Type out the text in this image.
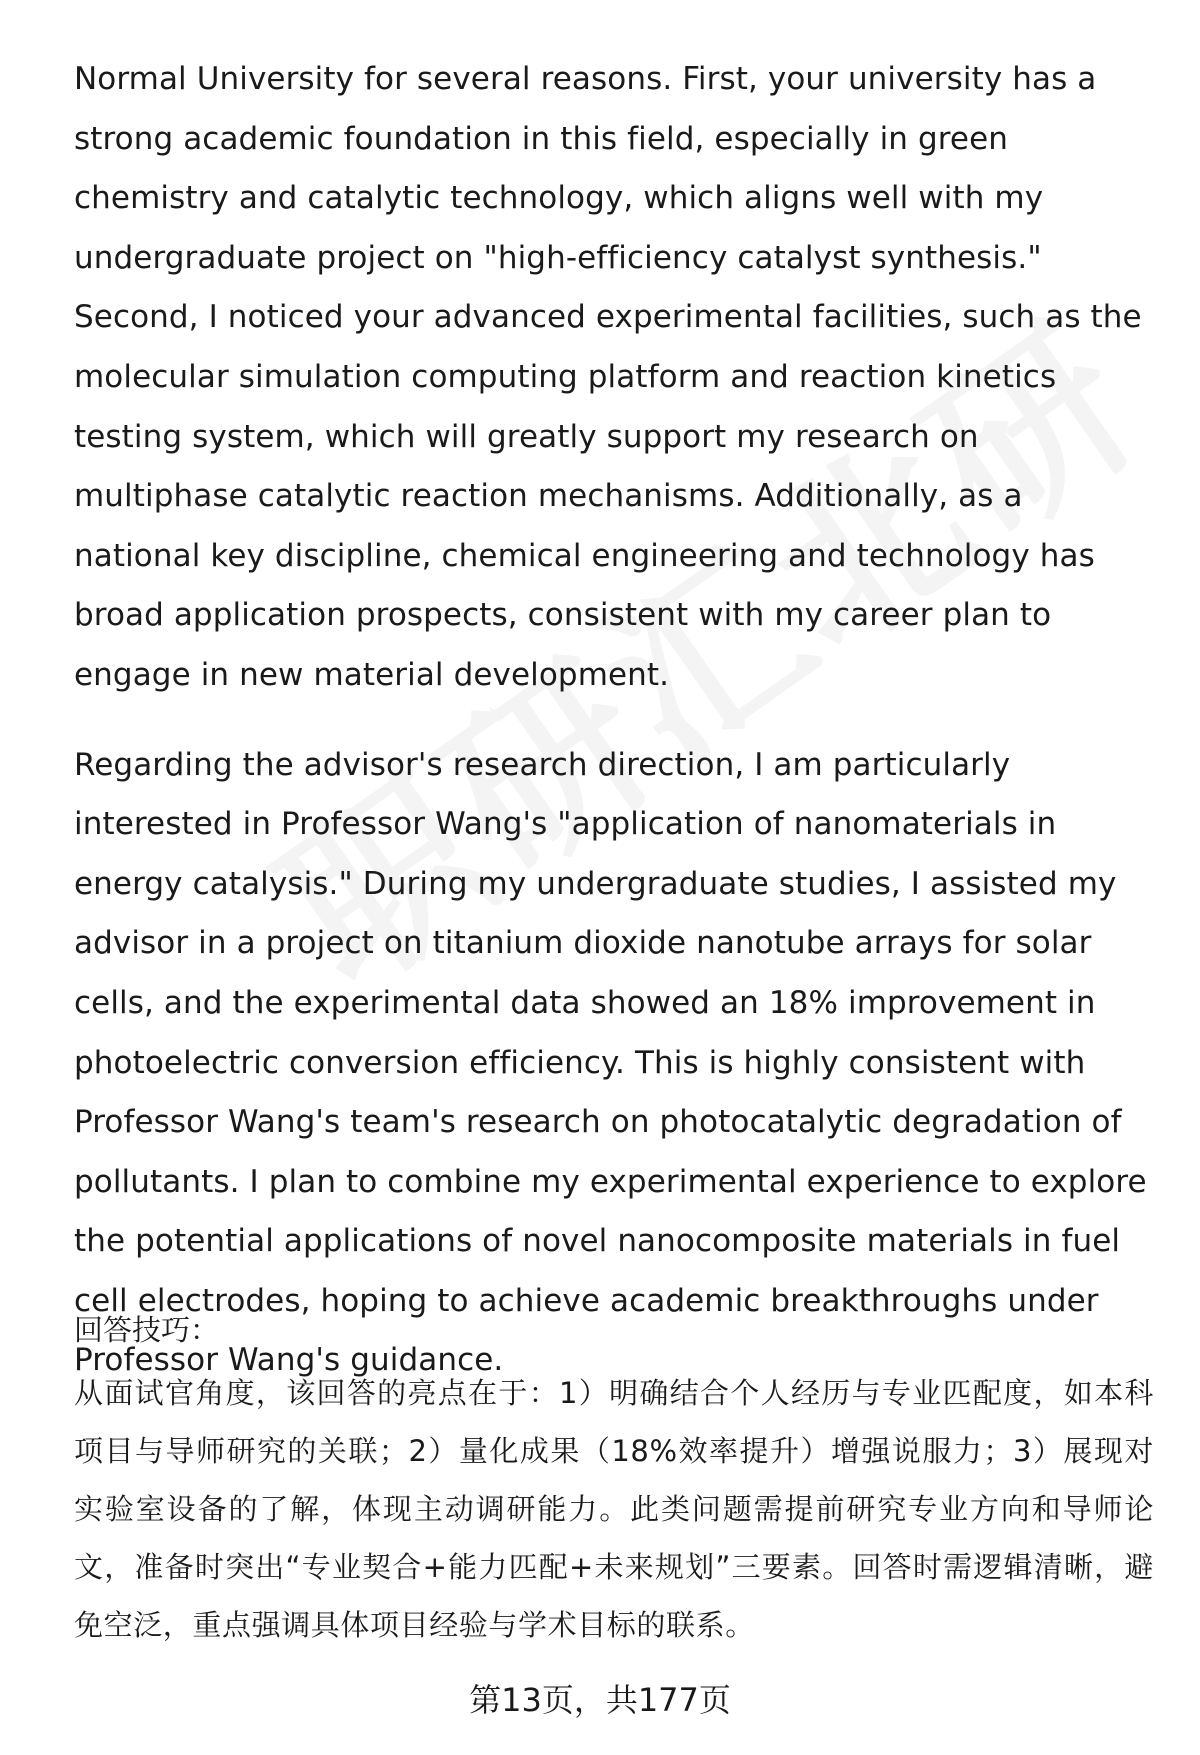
Normal University for several reasons. First, your university has a strong academic foundation in this field, especially in green chemistry and catalytic technology, which aligns well with my undergraduate project on "high-efficiency catalyst synthesis." Second, I noticed your advanced experimental facilities, such as the molecular simulation computing platform and reaction kinetics testing system, which will greatly support my research on multiphase catalytic reaction mechanisms. Additionally, as a national key discipline, chemical engineering and technology has broad application prospects, consistent with my career plan to engage in new material development.

Regarding the advisor's research direction, I am particularly interested in Professor Wang's "application of nanomaterials in energy catalysis." During my undergraduate studies, I assisted my advisor in a project on titanium dioxide nanotube arrays for solar cells, and the experimental data showed an 18% improvement in photoelectric conversion efficiency. This is highly consistent with Professor Wang's team's research on photocatalytic degradation of pollutants. I plan to combine my experimental experience to explore the potential applications of novel nanocomposite materials in fuel cell electrodes, hoping to achieve academic breakthroughs under Professor Wang's guidance.

回答技巧：

从面试官角度，该回答的亮点在于：1）明确结合个人经历与专业匹配度，如本科项目与导师研究的关联；2）量化成果（18%效率提升）增强说服力；3）展现对实验室设备的了解，体现主动调研能力。此类问题需提前研究专业方向和导师论文，准备时突出“专业契合+能力匹配+未来规划”三要素。回答时需逻辑清晰，避免空泛，重点强调具体项目经验与学术目标的联系。

第13页，共177页
